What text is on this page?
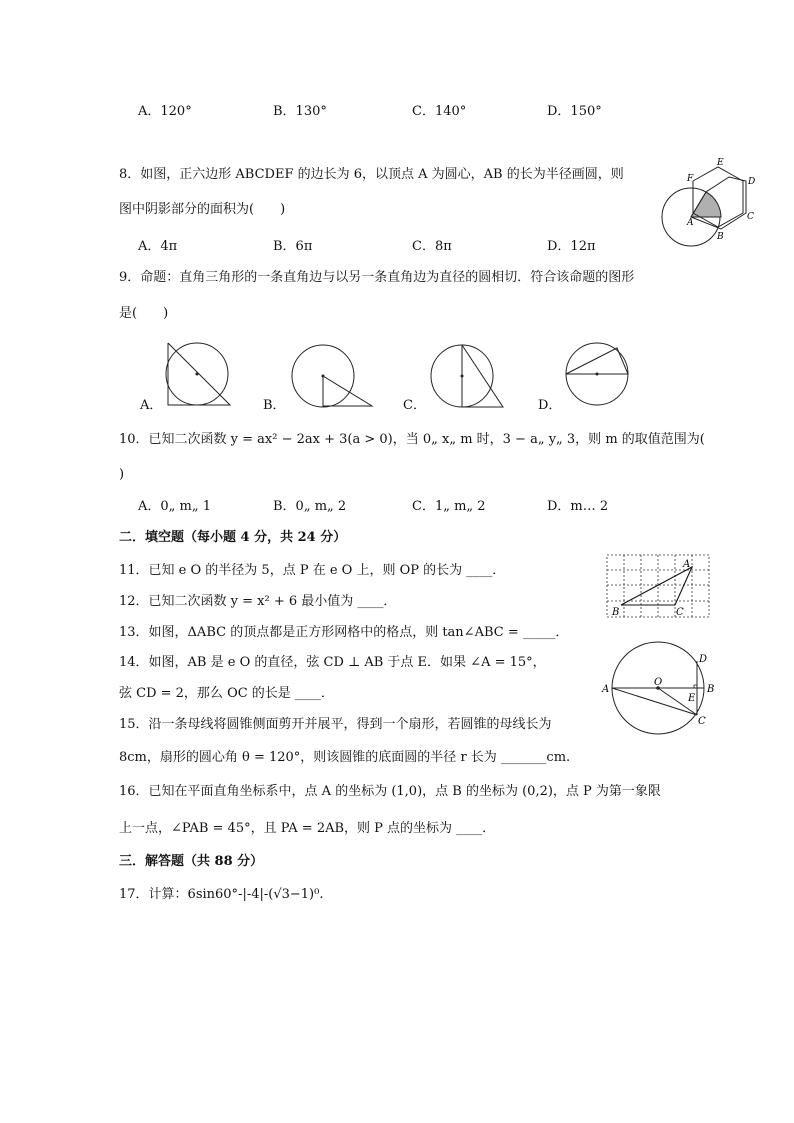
A．120°	B．130°	C．140°	D．150°
8．如图，正六边形 ABCDEF 的边长为 6，以顶点 A 为圆心，AB 的长为半径画圆，则
图中阴影部分的面积为(　　)
A．4π	B．6π	C．8π	D．12π
A
B
C
D
E
F
9．命题：直角三角形的一条直角边与以另一条直角边为直径的圆相切．符合该命题的图形
是(　　)
A．	B．	C．	D．
10．已知二次函数 y = ax² − 2ax + 3(a > 0)，当 0„ x„ m 时，3 − a„ y„ 3，则 m 的取值范围为(
)
A．0„ m„ 1	B．0„ m„ 2	C．1„ m„ 2	D．m… 2
二．填空题（每小题 4 分，共 24 分）
11．已知 e O 的半径为 5，点 P 在 e O 上，则 OP 的长为 ____．
12．已知二次函数 y = x² + 6 最小值为 ____．
13．如图，ΔABC 的顶点都是正方形网格中的格点，则 tan∠ABC = _____．
A
B	C
14．如图，AB 是 e O 的直径，弦 CD ⊥ AB 于点 E．如果 ∠A = 15°，
弦 CD = 2，那么 OC 的长是 ____．	A	B
C
D
E
O
15．沿一条母线将圆锥侧面剪开并展平，得到一个扇形，若圆锥的母线长为
8cm，扇形的圆心角 θ = 120°，则该圆锥的底面圆的半径 r 长为 _______cm.
16．已知在平面直角坐标系中，点 A 的坐标为 (1,0)，点 B 的坐标为 (0,2)，点 P 为第一象限
上一点，∠PAB = 45°，且 PA = 2AB，则 P 点的坐标为 ____．
三．解答题（共 88 分）
17．计算：6sin60°-|-4|-(√3−1)⁰.
